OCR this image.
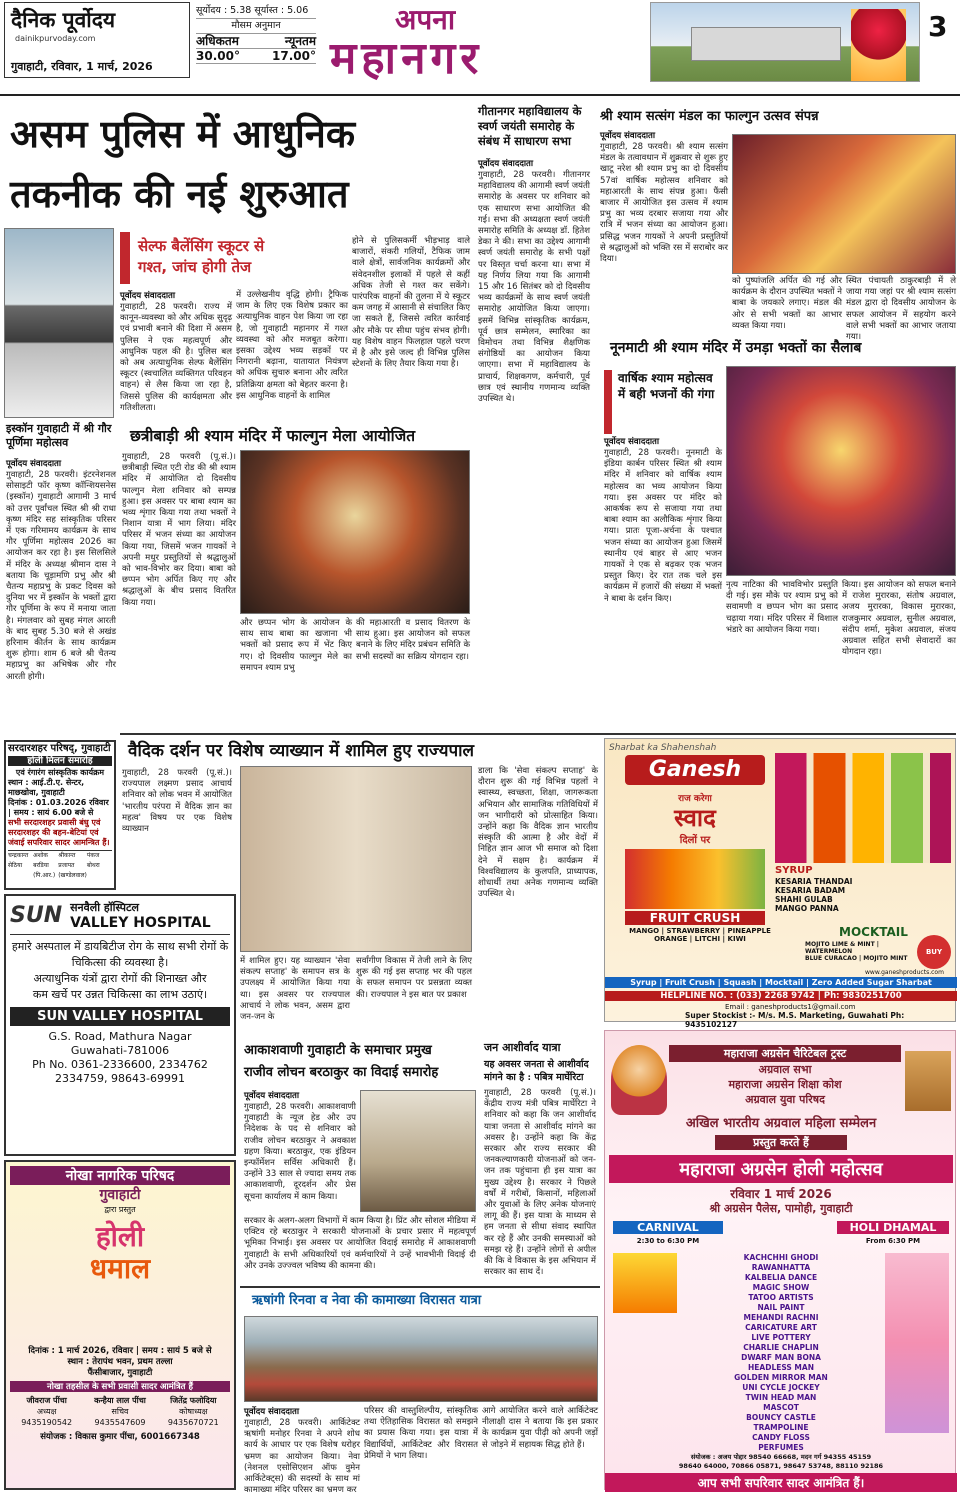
दैनिक पूर्वोदय
dainikpurvoday.com
गुवाहाटी, रविवार, 1 मार्च, 2026
सूर्योदय : 5.38 सूर्यास्त : 5.06
मौसम अनुमान
अधिकतम	न्यूनतम
30.00°	17.00°
अपना
महानगर
3
असम पुलिस में आधुनिक
तकनीक की नई शुरुआत
सेल्फ बैलेंसिंग स्कूटर से
गश्त, जांच होगी तेज
पूर्वोदय संवाददाता
गुवाहाटी, 28 फरवरी। राज्य में कानून-व्यवस्था को और अधिक सुदृढ़ एवं प्रभावी बनाने की दिशा में असम पुलिस ने एक महत्वपूर्ण और आधुनिक पहल की है। पुलिस बल को अब अत्याधुनिक सेल्फ बैलेंसिंग स्कूटर (स्वचालित व्यक्तिगत परिवहन वाहन) से लैस किया जा रहा है, जिससे पुलिस की कार्यक्षमता और गतिशीलता।
में उल्लेखनीय वृद्धि होगी। ट्रैफिक जाम के लिए एक विशेष प्रकार का अत्याधुनिक वाहन पेश किया जा रहा है, जो गुवाहाटी महानगर में गश्त व्यवस्था को और मजबूत करेगा। इसका उद्देश्य भव्य सड़कों पर निगरानी बढ़ाना, यातायात नियंत्रण को अधिक सुचारु बनाना और त्वरित प्रतिक्रिया क्षमता को बेहतर करना है। इस आधुनिक वाहनों के शामिल
होने से पुलिसकर्मी भीड़भाड़ वाले बाजारों, संकरी गलियों, टैफिक जाम वाले क्षेत्रों, सार्वजनिक कार्यक्रमों और संवेदनशील इलाकों में पहले से कहीं अधिक तेजी से गश्त कर सकेंगे। पारंपरिक वाहनों की तुलना में ये स्कूटर कम जगह में आसानी से संचालित किए जा सकते हैं, जिससे त्वरित कार्रवाई और मौके पर सीधा पहुंच संभव होगी। यह विशेष वाहन फिलहाल पहले चरण में है और इसे जल्द ही विभिन्न पुलिस स्टेशनों के लिए तैयार किया गया है।
इस्कॉन गुवाहाटी में श्री गौर पूर्णिमा महोत्सव
पूर्वोदय संवाददाता
गुवाहाटी, 28 फरवरी। इंटरनेशनल सोसाइटी फॉर कृष्ण कॉन्शियसनेस (इस्कॉन) गुवाहाटी आगामी 3 मार्च को उत्तर पूर्वांचल स्थित श्री श्री राधा कृष्ण मंदिर सह सांस्कृतिक परिसर में एक गरिमामय कार्यक्रम के साथ गौर पूर्णिमा महोत्सव 2026 का आयोजन कर रहा है। इस सिलसिले में मंदिर के अध्यक्ष श्रीमान दास ने बताया कि चूड़ामणि प्रभु और श्री चैतन्य महाप्रभु के प्रकट दिवस को दुनिया भर में इस्कॉन के भक्तों द्वारा गौर पूर्णिमा के रूप में मनाया जाता है। मंगलवार को सुबह मंगल आरती के बाद सुबह 5.30 बजे से अखंड हरिनाम कीर्तन के साथ कार्यक्रम शुरू होगा। शाम 6 बजे श्री चैतन्य महाप्रभु का अभिषेक और गौर आरती होगी।
छत्रीबाड़ी श्री श्याम मंदिर में फाल्गुन मेला आयोजित
गुवाहाटी, 28 फरवरी (पू.सं.)। छत्रीबाड़ी स्थित एटी रोड की श्री श्याम मंदिर में आयोजित दो दिवसीय फाल्गुन मेला शनिवार को सम्पन्न हुआ। इस अवसर पर बाबा श्याम का भव्य शृंगार किया गया तथा भक्तों ने निशान यात्रा में भाग लिया। मंदिर परिसर में भजन संध्या का आयोजन किया गया, जिसमें भजन गायकों ने अपनी मधुर प्रस्तुतियों से श्रद्धालुओं को भाव-विभोर कर दिया। बाबा को छप्पन भोग अर्पित किए गए और श्रद्धालुओं के बीच प्रसाद वितरित किया गया।
और छप्पन भोग के आयोजन के साथ साथ बाबा का खजाना भी भक्तों को प्रसाद रूप में भेंट किए गए। दो दिवसीय फाल्गुन मेले का समापन श्याम प्रभु
की महाआरती व प्रसाद वितरण के साथ हुआ। इस आयोजन को सफल बनाने के लिए मंदिर प्रबंधन समिति के सभी सदस्यों का सक्रिय योगदान रहा।
गीतानगर महाविद्यालय के स्वर्ण जयंती समारोह के संबंध में साधारण सभा
पूर्वोदय संवाददाता
गुवाहाटी, 28 फरवरी। गीतानगर महाविद्यालय की आगामी स्वर्ण जयंती समारोह के अवसर पर शनिवार को एक साधारण सभा आयोजित की गई। सभा की अध्यक्षता स्वर्ण जयंती समारोह समिति के अध्यक्ष डॉ. हितेश डेका ने की। सभा का उद्देश्य आगामी स्वर्ण जयंती समारोह के सभी पक्षों पर विस्तृत चर्चा करना था। सभा में यह निर्णय लिया गया कि आगामी 15 और 16 सितंबर को दो दिवसीय भव्य कार्यक्रमों के साथ स्वर्ण जयंती समारोह आयोजित किया जाएगा। इसमें विभिन्न सांस्कृतिक कार्यक्रम, पूर्व छात्र सम्मेलन, स्मारिका का विमोचन तथा विभिन्न शैक्षणिक संगोष्ठियों का आयोजन किया जाएगा। सभा में महाविद्यालय के प्राचार्य, शिक्षकगण, कर्मचारी, पूर्व छात्र एवं स्थानीय गणमान्य व्यक्ति उपस्थित थे।
श्री श्याम सत्संग मंडल का फाल्गुन उत्सव संपन्न
पूर्वोदय संवाददाता
गुवाहाटी, 28 फरवरी। श्री श्याम सत्संग मंडल के तत्वावधान में शुक्रवार से शुरू हुए खाटू नरेश श्री श्याम प्रभु का दो दिवसीय 57वां वार्षिक महोत्सव शनिवार को महाआरती के साथ संपन्न हुआ। फैंसी बाजार में आयोजित इस उत्सव में श्याम प्रभु का भव्य दरबार सजाया गया और रात्रि में भजन संध्या का आयोजन हुआ। प्रसिद्ध भजन गायकों ने अपनी प्रस्तुतियों से श्रद्धालुओं को भक्ति रस में सराबोर कर दिया।
को पुष्पांजलि अर्पित की गई और कार्यक्रम के दौरान उपस्थित भक्तों ने बाबा के जयकारे लगाए। मंडल की ओर से सभी भक्तों का आभार व्यक्त किया गया।
स्थित पंचायती ठाकुरबाड़ी में ले जाया गया जहां पर श्री श्याम सत्संग मंडल द्वारा दो दिवसीय आयोजन के सफल आयोजन में सहयोग करने वाले सभी भक्तों का आभार जताया गया।
नूनमाटी श्री श्याम मंदिर में उमड़ा भक्तों का सैलाब
वार्षिक श्याम महोत्सव में बही भजनों की गंगा
पूर्वोदय संवाददाता
गुवाहाटी, 28 फरवरी। नूनमाटी के इंडिया कार्बन परिसर स्थित श्री श्याम मंदिर में शनिवार को वार्षिक श्याम महोत्सव का भव्य आयोजन किया गया। इस अवसर पर मंदिर को आकर्षक रूप से सजाया गया तथा बाबा श्याम का अलौकिक शृंगार किया गया। प्रातः पूजा-अर्चना के पश्चात भजन संध्या का आयोजन हुआ जिसमें स्थानीय एवं बाहर से आए भजन गायकों ने एक से बढ़कर एक भजन प्रस्तुत किए। देर रात तक चले इस कार्यक्रम में हजारों की संख्या में भक्तों ने बाबा के दर्शन किए।
नृत्य नाटिका की भावविभोर प्रस्तुति दी गई। इस मौके पर श्याम प्रभु को सवामणी व छप्पन भोग का प्रसाद चढ़ाया गया। मंदिर परिसर में विशाल भंडारे का आयोजन किया गया।
किया। इस आयोजन को सफल बनाने में राजेश मुरारका, संतोष अग्रवाल, अजय मुरारका, विकास मुरारका, राजकुमार अग्रवाल, सुनील अग्रवाल, संदीप शर्मा, मुकेश अग्रवाल, संजय अग्रवाल सहित सभी सेवादारों का योगदान रहा।
वैदिक दर्शन पर विशेष व्याख्यान में शामिल हुए राज्यपाल
गुवाहाटी, 28 फरवरी (पू.सं.)। राज्यपाल लक्ष्मण प्रसाद आचार्य शनिवार को लोक भवन में आयोजित 'भारतीय परंपरा में वैदिक ज्ञान का महत्व' विषय पर एक विशेष व्याख्यान
में शामिल हुए। यह व्याख्यान 'सेवा संकल्प सप्ताह' के समापन सत्र के उपलक्ष्य में आयोजित किया गया था। इस अवसर पर राज्यपाल आचार्य ने लोक भवन, असम द्वारा जन-जन के
सर्वांगीण विकास में तेजी लाने के लिए शुरू की गई इस सप्ताह भर की पहल के सफल समापन पर प्रसन्नता व्यक्त की। राज्यपाल ने इस बात पर प्रकाश
डाला कि 'सेवा संकल्प सप्ताह' के दौरान शुरू की गई विभिन्न पहलों ने स्वास्थ्य, स्वच्छता, शिक्षा, जागरूकता अभियान और सामाजिक गतिविधियों में जन भागीदारी को प्रोत्साहित किया। उन्होंने कहा कि वैदिक ज्ञान भारतीय संस्कृति की आत्मा है और वेदों में निहित ज्ञान आज भी समाज को दिशा देने में सक्षम है। कार्यक्रम में विश्वविद्यालय के कुलपति, प्राध्यापक, शोधार्थी तथा अनेक गणमान्य व्यक्ति उपस्थित थे।
सरदारशहर परिषद्, गुवाहाटी
होली मिलन समारोह
एवं रंगारंग सांस्कृतिक कार्यक्रम
स्थान : आई.टी.ए. सेन्टर, माछखोवा, गुवाहाटी
दिनांक : 01.03.2026 रविवार | समय : सायं 6.00 बजे से
सभी सरदारशहर प्रवासी बंधु एवं सरदारशहर की बहन-बेटियां एवं जंवाई सपरिवार सादर आमन्त्रित हैं।
चन्द्रकान्त सेठिया
अशोक बरडिया (पि.आर.)
श्रीकान्त प्रजापत (खण्डेलवाल)
पंकज बोथरा
SUN सनवैली हॉस्पिटल
VALLEY HOSPITAL
हमारे अस्पताल में डायबिटीज रोग के साथ सभी रोगों के चिकित्सा की व्यवस्था है।
अत्याधुनिक यंत्रों द्वारा रोगों की शिनाख्त और
कम खर्चे पर उन्नत चिकित्सा का लाभ उठाएं।
SUN VALLEY HOSPITAL
G.S. Road, Mathura Nagar
Guwahati-781006
Ph No. 0361-2336600, 2334762
2334759, 98643-69991
नोखा नागरिक परिषद
गुवाहाटी
द्वारा प्रस्तुत
होली
धमाल
दिनांक : 1 मार्च 2026, रविवार | समय : सायं 5 बजे से
स्थान : तेरापंथ भवन, प्रथम तल्ला
फैंसीबाजार, गुवाहाटी
नोखा तहसील के सभी प्रवासी सादर आमंत्रित हैं
जीवराज पींचा
अध्यक्ष
9435190542
कन्हैया लाल पींचा
सचिव
9435547609
जितेंद्र फलोदिया
कोषाध्यक्ष
9435670721
संयोजक : विकास कुमार पींचा, 6001667348
आकाशवाणी गुवाहाटी के समाचार प्रमुख
राजीव लोचन बरठाकुर का विदाई समारोह
पूर्वोदय संवाददाता
गुवाहाटी, 28 फरवरी। आकाशवाणी गुवाहाटी के न्यूज हेड और उप निदेशक के पद से शनिवार को राजीव लोचन बरठाकुर ने अवकाश ग्रहण किया। बरठाकुर, एक इंडियन इन्फॉर्मेशन सर्विस अधिकारी हैं। उन्होंने 33 साल से ज्यादा समय तक आकाशवाणी, दूरदर्शन और प्रेस सूचना कार्यालय में काम किया।
सरकार के अलग-अलग विभागों में काम किया है। प्रिंट और सोशल मीडिया में एक्टिव रहे बरठाकुर ने सरकारी योजनाओं के प्रचार प्रसार में महत्वपूर्ण भूमिका निभाई। इस अवसर पर आयोजित विदाई समारोह में आकाशवाणी गुवाहाटी के सभी अधिकारियों एवं कर्मचारियों ने उन्हें भावभीनी विदाई दी और उनके उज्ज्वल भविष्य की कामना की।
जन आशीर्वाद यात्रा
यह अवसर जनता से आशीर्वाद मांगने का है : पबित्र मार्घेरिटा
गुवाहाटी, 28 फरवरी (पू.सं.)। केंद्रीय राज्य मंत्री पबित्र मार्घेरिटा ने शनिवार को कहा कि जन आशीर्वाद यात्रा जनता से आशीर्वाद मांगने का अवसर है। उन्होंने कहा कि केंद्र सरकार और राज्य सरकार की जनकल्याणकारी योजनाओं को जन-जन तक पहुंचाना ही इस यात्रा का मुख्य उद्देश्य है। सरकार ने पिछले वर्षों में गरीबों, किसानों, महिलाओं और युवाओं के लिए अनेक योजनाएं लागू की हैं। इस यात्रा के माध्यम से हम जनता से सीधा संवाद स्थापित कर रहे हैं और उनकी समस्याओं को समझ रहे हैं। उन्होंने लोगों से अपील की कि वे विकास के इस अभियान में सरकार का साथ दें।
ऋषांगी रिनवा व नेवा की कामाख्या विरासत यात्रा
पूर्वोदय संवाददाता
गुवाहाटी, 28 फरवरी। आर्किटेक्ट ऋषांगी मनोहर रिनवा ने अपने शोध कार्य के आधार पर एक विशेष धरोहर भ्रमण का आयोजन किया। नेवा (नेशनल एसोसिएशन ऑफ वुमेन आर्किटेक्ट्स) की सदस्यों के साथ मां कामाख्या मंदिर परिसर का भ्रमण कर
परिसर की वास्तुशिल्पीय, सांस्कृतिक तथा ऐतिहासिक विरासत को समझने का प्रयास किया गया। इस यात्रा में विद्यार्थियों, आर्किटेक्ट और विरासत प्रेमियों ने भाग लिया।
आगे आयोजित करने वाले आर्किटेक्ट नीलाक्षी दास ने बताया कि इस प्रकार के कार्यक्रम युवा पीढ़ी को अपनी जड़ों से जोड़ने में सहायक सिद्ध होते हैं।
Sharbat ka Shahenshah
Ganesh
राज करेगा
स्वाद
दिलों पर
SYRUP
KESARIA THANDAI
KESARIA BADAM
SHAHI GULAB
MANGO PANNA
FRUIT CRUSH
MANGO | STRAWBERRY | PINEAPPLE
ORANGE | LITCHI | KIWI	MOCKTAIL
MOJITO LIME & MINT | WATERMELON
BLUE CURACAO | MOJITO MINT
BUY
www.ganeshproducts.com
Syrup | Fruit Crush | Squash | Mocktail | Zero Added Sugar Sharbat
HELPLINE NO. : (033) 2268 9742 | Ph: 9830251700
Email : ganeshproducts1@gmail.com
Super Stockist :- M/s. M.S. Marketing, Guwahati Ph: 9435102127
महाराजा अग्रसेन चैरिटेबल ट्रस्ट
अग्रवाल सभा
महाराजा अग्रसेन शिक्षा कोश
अग्रवाल युवा परिषद
अखिल भारतीय अग्रवाल महिला सम्मेलन
प्रस्तुत करते हैं
महाराजा अग्रसेन होली महोत्सव
रविवार 1 मार्च 2026
श्री अग्रसेन पैलेस, पामोही, गुवाहाटी
CARNIVAL
2:30 to 6:30 PM
HOLI DHAMAL
From 6:30 PM
KACHCHHI GHODI
RAWANHATTA
KALBELIA DANCE
MAGIC SHOW
TATOO ARTISTS
NAIL PAINT
MEHANDI RACHNI
CARICATURE ART
LIVE POTTERY
CHARLIE CHAPLIN
DWARF MAN BONA
HEADLESS MAN
GOLDEN MIRROR MAN
UNI CYCLE JOCKEY
TWIN HEAD MAN
MASCOT
BOUNCY CASTLE
TRAMPOLINE
CANDY FLOSS
PERFUMES
संयोजक : अजय पोद्दार 98540 66668, मदन गर्ग 94355 45159
98640 64000, 70866 05871, 98647 53748, 88110 92186
आप सभी सपरिवार सादर आमंत्रित हैं।
